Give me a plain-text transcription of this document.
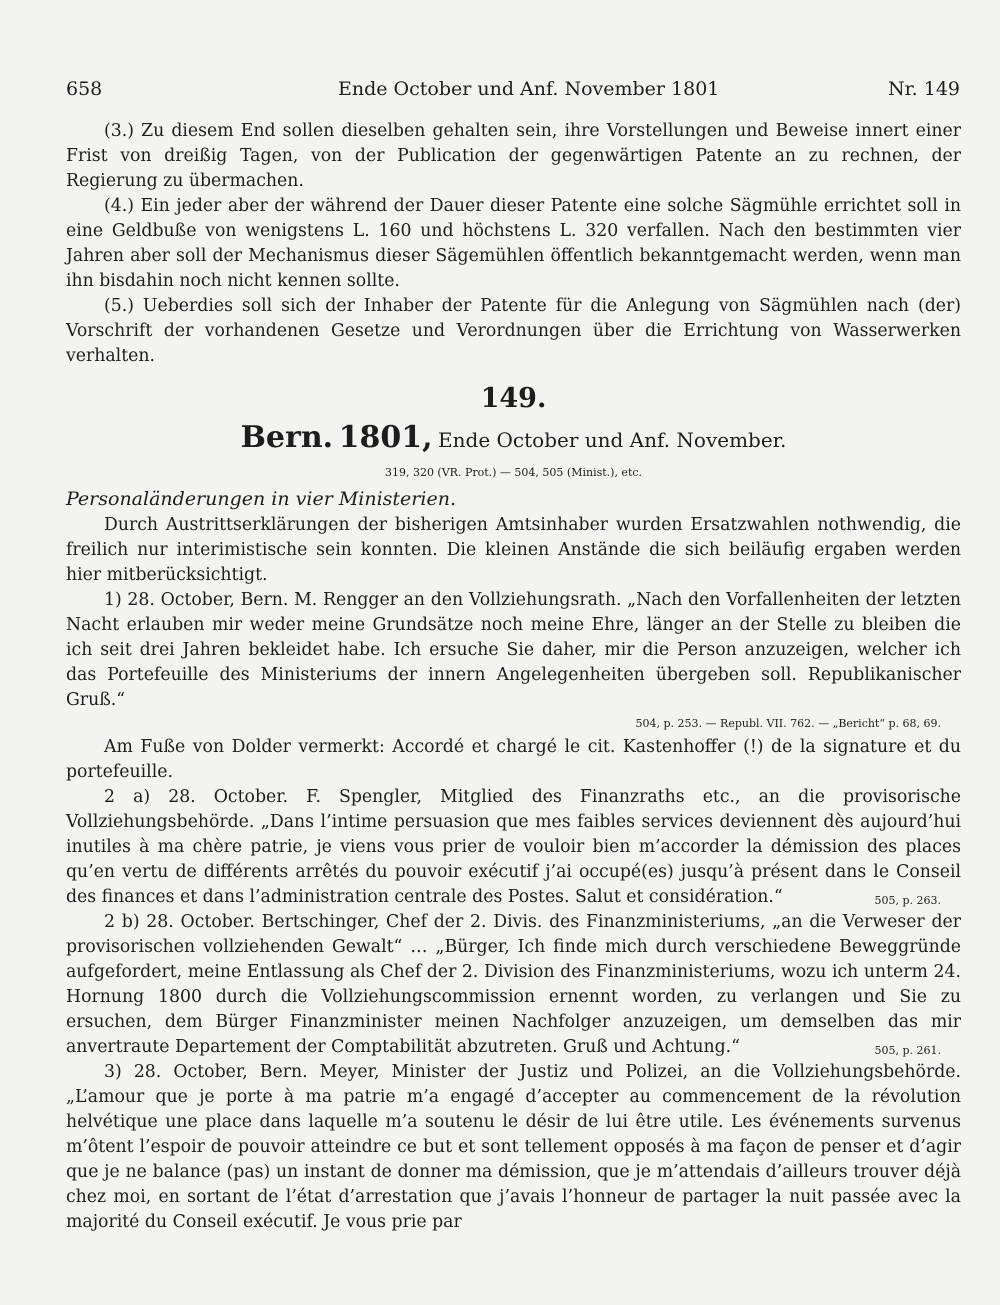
658	Ende October und Anf. November 1801	Nr. 149

(3.) Zu diesem End sollen dieselben gehalten sein, ihre Vorstellungen und Beweise innert einer Frist von dreißig Tagen, von der Publication der gegenwärtigen Patente an zu rechnen, der Regierung zu übermachen.

(4.) Ein jeder aber der während der Dauer dieser Patente eine solche Sägmühle errichtet soll in eine Geldbuße von wenigstens L. 160 und höchstens L. 320 verfallen. Nach den bestimmten vier Jahren aber soll der Mechanismus dieser Sägemühlen öffentlich bekanntgemacht werden, wenn man ihn bisdahin noch nicht kennen sollte.

(5.) Ueberdies soll sich der Inhaber der Patente für die Anlegung von Sägmühlen nach (der) Vorschrift der vorhandenen Gesetze und Verordnungen über die Errichtung von Wasserwerken verhalten.

149.
Bern. 1801, Ende October und Anf. November.
319, 320 (VR. Prot.) — 504, 505 (Minist.), etc.
Personaländerungen in vier Ministerien.

Durch Austrittserklärungen der bisherigen Amtsinhaber wurden Ersatzwahlen nothwendig, die freilich nur interimistische sein konnten. Die kleinen Anstände die sich beiläufig ergaben werden hier mitberücksichtigt.

1) 28. October, Bern. M. Rengger an den Vollziehungsrath. „Nach den Vorfallenheiten der letzten Nacht erlauben mir weder meine Grundsätze noch meine Ehre, länger an der Stelle zu bleiben die ich seit drei Jahren bekleidet habe. Ich ersuche Sie daher, mir die Person anzuzeigen, welcher ich das Portefeuille des Ministeriums der innern Angelegenheiten übergeben soll. Republikanischer Gruß.“

504, p. 253. — Republ. VII. 762. — „Bericht“ p. 68, 69.

Am Fuße von Dolder vermerkt: Accordé et chargé le cit. Kastenhoffer (!) de la signature et du portefeuille.

2 a) 28. October. F. Spengler, Mitglied des Finanzraths etc., an die provisorische Vollziehungsbehörde. „Dans l’intime persuasion que mes faibles services deviennent dès aujourd’hui inutiles à ma chère patrie, je viens vous prier de vouloir bien m’accorder la démission des places qu’en vertu de différents arrêtés du pouvoir exécutif j’ai occupé(es) jusqu’à présent dans le Conseil des finances et dans l’administration centrale des Postes. Salut et considération.“	505, p. 263.

2 b) 28. October. Bertschinger, Chef der 2. Divis. des Finanzministeriums, „an die Verweser der provisorischen vollziehenden Gewalt“ … „Bürger, Ich finde mich durch verschiedene Beweggründe aufgefordert, meine Entlassung als Chef der 2. Division des Finanzministeriums, wozu ich unterm 24. Hornung 1800 durch die Vollziehungscommission ernennt worden, zu verlangen und Sie zu ersuchen, dem Bürger Finanzminister meinen Nachfolger anzuzeigen, um demselben das mir anvertraute Departement der Comptabilität abzutreten. Gruß und Achtung.“	505, p. 261.

3) 28. October, Bern. Meyer, Minister der Justiz und Polizei, an die Vollziehungsbehörde. „L’amour que je porte à ma patrie m’a engagé d’accepter au commencement de la révolution helvétique une place dans laquelle m’a soutenu le désir de lui être utile. Les événements survenus m’ôtent l’espoir de pouvoir atteindre ce but et sont tellement opposés à ma façon de penser et d’agir que je ne balance (pas) un instant de donner ma démission, que je m’attendais d’ailleurs trouver déjà chez moi, en sortant de l’état d’arrestation que j’avais l’honneur de partager la nuit passée avec la majorité du Conseil exécutif. Je vous prie par
